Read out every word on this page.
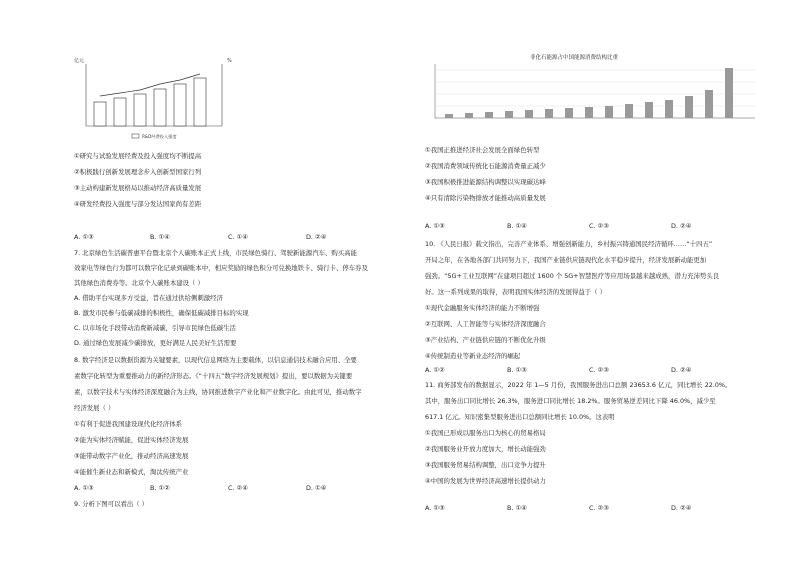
亿元	%
R&D经费投入强度
①研究与试验发展经费及投入强度均不断提高
②积极践行创新发展理念步入创新型国家行列
③主动构建新发展格局以推动经济高质量发展
④研发经费投入强度与部分发达国家尚有差距
A. ①③	B. ①④	C. ①④	D. ②④
7. 北京绿色生活碳普惠平台暨北京个人碳账本正式上线，市民绿色骑行、驾驶新能源汽车、购买高能
效家电等绿色行为都可以数字化记录到碳账本中，相应奖励的绿色积分可兑换地铁卡、骑行卡、停车券及
其他绿色消费券等。北京个人碳账本建设（ ）
A. 借助平台实现多方受益，旨在通过供给侧刺激经济
B. 激发市民参与低碳减排的积极性，确保低碳减排目标的实现
C. 以市场化手段带动消费新减碳，引导市民绿色低碳生活
D. 通过绿色发展减少碳排放，更好满足人民美好生活需要
8. 数字经济是以数据资源为关键要素，以现代信息网络为主要载体，以信息通信技术融合应用、全要
素数字化转型为重要推动力的新经济形态。《“十四五”数字经济发展规划》提出，要以数据为关键要
素，以数字技术与实体经济深度融合为主线，协同推进数字产业化和产业数字化。由此可见，推动数字
经济发展（ ）
①有利于促进我国建设现代化经济体系
②能为实体经济赋能，促进实体经济发展
③能带动数字产业化，推动经济高速发展
④能催生新业态和新模式，淘汰传统产业
A. ①③	B. ①②	C. ②④	D. ①④
9. 分析下图可以看出（ ）
非化石能源占中国能源消费结构比重
①我国正推进经济社会发展全面绿色转型
②我国消费领域传统化石能源消费量正减少
③我国积极推进能源结构调整以实现碳达峰
④只有清除污染物排放才能推动高质量发展
A. ①③	B. ①④	C. ②③	D. ②④
10. 《人民日报》载文指出，完善产业体系、增强创新能力，乡村振兴铸通国民经济循环……“十四五”
开局之年，在各地各部门共同努力下，我国产业链供应链现代化水平稳步提升，经济发展新动能更加
强劲。“5G+工业互联网”在建项目超过 1600 个 5G+智慧医疗等应用场景越来越成熟，潜力充沛势头良
好。这一系列成果的取得，表明我国实体经济的发展得益于（ ）
①现代金融服务实体经济的能力不断增强
②互联网、人工智能等与实体经济深度融合
③产业结构、产业链供应链的不断优化升级
④传统制造业等新业态经济的崛起
A. ①②	B. ①③	C. ②③	D. ②④
11. 商务部发布的数据显示，2022 年 1—5 月份，我国服务进出口总额 23653.6 亿元，同比增长 22.0%。
其中，服务出口同比增长 26.3%，服务进口同比增长 18.2%。服务贸易逆差同比下降 46.0%，减少至
617.1 亿元。知识密集型服务进出口总额同比增长 10.0%。这表明
①我国已形成以服务出口为核心的贸易格局
②我国服务业开放力度加大，增长动能强劲
③我国服务贸易结构调整，出口竞争力提升
④中国的发展为世界经济高速增长提供动力
A. ①③	B. ①④	C. ②③	D. ②④
